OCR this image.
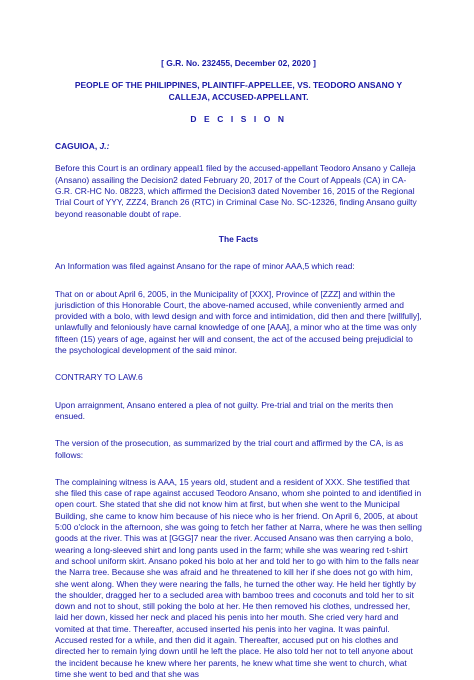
[ G.R. No. 232455, December 02, 2020 ]

PEOPLE OF THE PHILIPPINES, PLAINTIFF-APPELLEE, VS. TEODORO ANSANO Y CALLEJA, ACCUSED-APPELLANT.

D E C I S I O N

CAGUIOA, J.:

Before this Court is an ordinary appeal1 filed by the accused-appellant Teodoro Ansano y Calleja (Ansano) assailing the Decision2 dated February 20, 2017 of the Court of Appeals (CA) in CA-G.R. CR-HC No. 08223, which affirmed the Decision3 dated November 16, 2015 of the Regional Trial Court of YYY, ZZZ4, Branch 26 (RTC) in Criminal Case No. SC-12326, finding Ansano guilty beyond reasonable doubt of rape.

The Facts

An Information was filed against Ansano for the rape of minor AAA,5 which read:

That on or about April 6, 2005, in the Municipality of [XXX], Province of [ZZZ] and within the jurisdiction of this Honorable Court, the above-named accused, while conveniently armed and provided with a bolo, with lewd design and with force and intimidation, did then and there [willfully], unlawfully and feloniously have carnal knowledge of one [AAA], a minor who at the time was only fifteen (15) years of age, against her will and consent, the act of the accused being prejudicial to the psychological development of the said minor.

CONTRARY TO LAW.6

Upon arraignment, Ansano entered a plea of not guilty. Pre-trial and trial on the merits then ensued.

The version of the prosecution, as summarized by the trial court and affirmed by the CA, is as follows:

The complaining witness is AAA, 15 years old, student and a resident of XXX. She testified that she filed this case of rape against accused Teodoro Ansano, whom she pointed to and identified in open court. She stated that she did not know him at first, but when she went to the Municipal Building, she came to know him because of his niece who is her friend. On April 6, 2005, at about 5:00 o'clock in the afternoon, she was going to fetch her father at Narra, where he was then selling goods at the river. This was at [GGG]7 near the river. Accused Ansano was then carrying a bolo, wearing a long-sleeved shirt and long pants used in the farm; while she was wearing red t-shirt and school uniform skirt. Ansano poked his bolo at her and told her to go with him to the falls near the Narra tree. Because she was afraid and he threatened to kill her if she does not go with him, she went along. When they were nearing the falls, he turned the other way. He held her tightly by the shoulder, dragged her to a secluded area with bamboo trees and coconuts and told her to sit down and not to shout, still poking the bolo at her. He then removed his clothes, undressed her, laid her down, kissed her neck and placed his penis into her mouth. She cried very hard and vomited at that time. Thereafter, accused inserted his penis into her vagina. It was painful. Accused rested for a while, and then did it again. Thereafter, accused put on his clothes and directed her to remain lying down until he left the place. He also told her not to tell anyone about the incident because he knew where her parents, he knew what time she went to church, what time she went to bed and that she was
